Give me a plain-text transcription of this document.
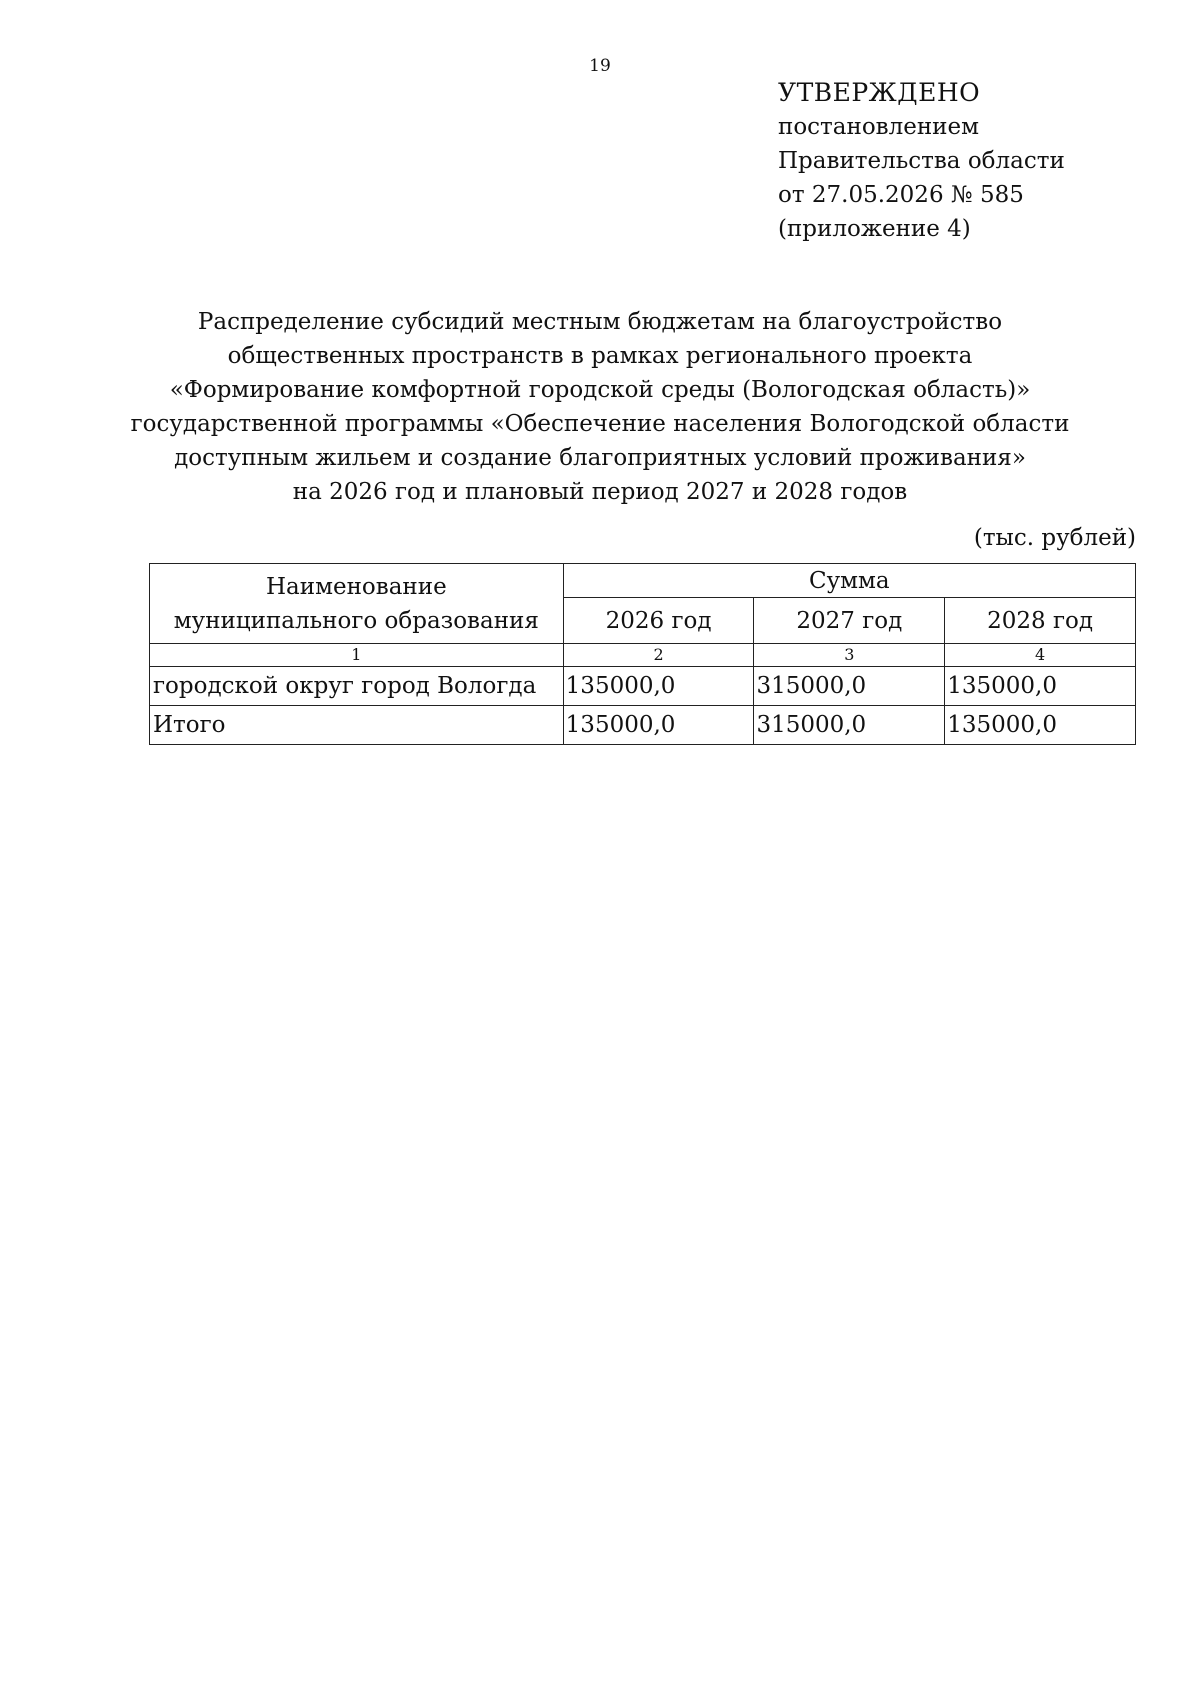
19
УТВЕРЖДЕНО
постановлением
Правительства области
от 27.05.2026 № 585
(приложение 4)
Распределение субсидий местным бюджетам на благоустройство
общественных пространств в рамках регионального проекта
«Формирование комфортной городской среды (Вологодская область)»
государственной программы «Обеспечение населения Вологодской области
доступным жильем и создание благоприятных условий проживания»
на 2026 год и плановый период 2027 и 2028 годов
(тыс. рублей)
Наименование
муниципального образования	Сумма		
	2026 год	2027 год	2028 год
1	2	3	4
городской округ город Вологда	135000,0	315000,0	135000,0
Итого	135000,0	315000,0	135000,0
